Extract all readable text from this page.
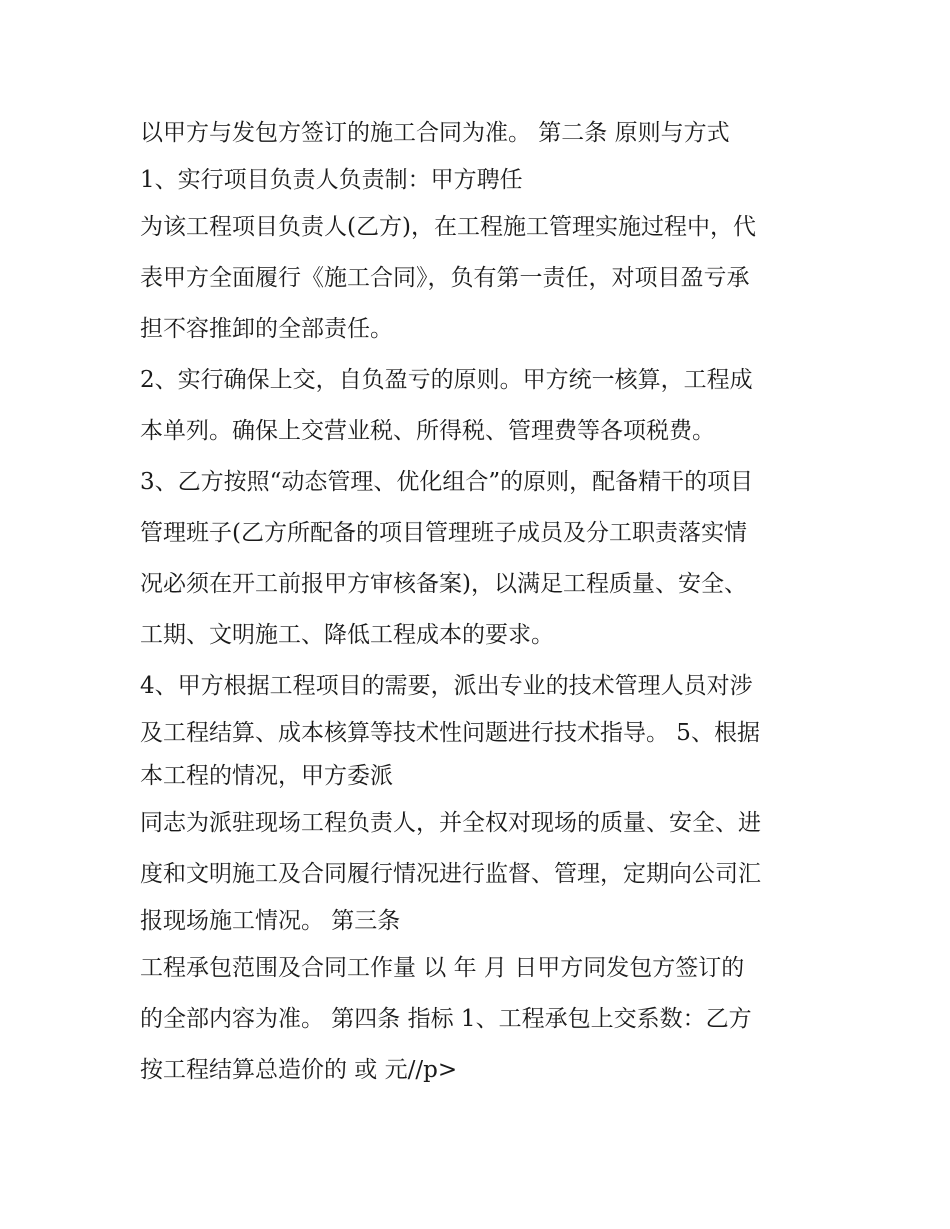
以甲方与发包方签订的施工合同为准。 第二条 原则与方式
1、实行项目负责人负责制：甲方聘任
为该工程项目负责人(乙方)，在工程施工管理实施过程中，代
表甲方全面履行《施工合同》，负有第一责任，对项目盈亏承
担不容推卸的全部责任。
2、实行确保上交，自负盈亏的原则。甲方统一核算，工程成
本单列。确保上交营业税、所得税、管理费等各项税费。
3、乙方按照“动态管理、优化组合”的原则，配备精干的项目
管理班子(乙方所配备的项目管理班子成员及分工职责落实情
况必须在开工前报甲方审核备案)，以满足工程质量、安全、
工期、文明施工、降低工程成本的要求。
4、甲方根据工程项目的需要，派出专业的技术管理人员对涉
及工程结算、成本核算等技术性问题进行技术指导。 5、根据
本工程的情况，甲方委派
同志为派驻现场工程负责人，并全权对现场的质量、安全、进
度和文明施工及合同履行情况进行监督、管理，定期向公司汇
报现场施工情况。 第三条
工程承包范围及合同工作量 以 年 月 日甲方同发包方签订的
的全部内容为准。 第四条 指标 1、工程承包上交系数：乙方
按工程结算总造价的 或 元//p>
